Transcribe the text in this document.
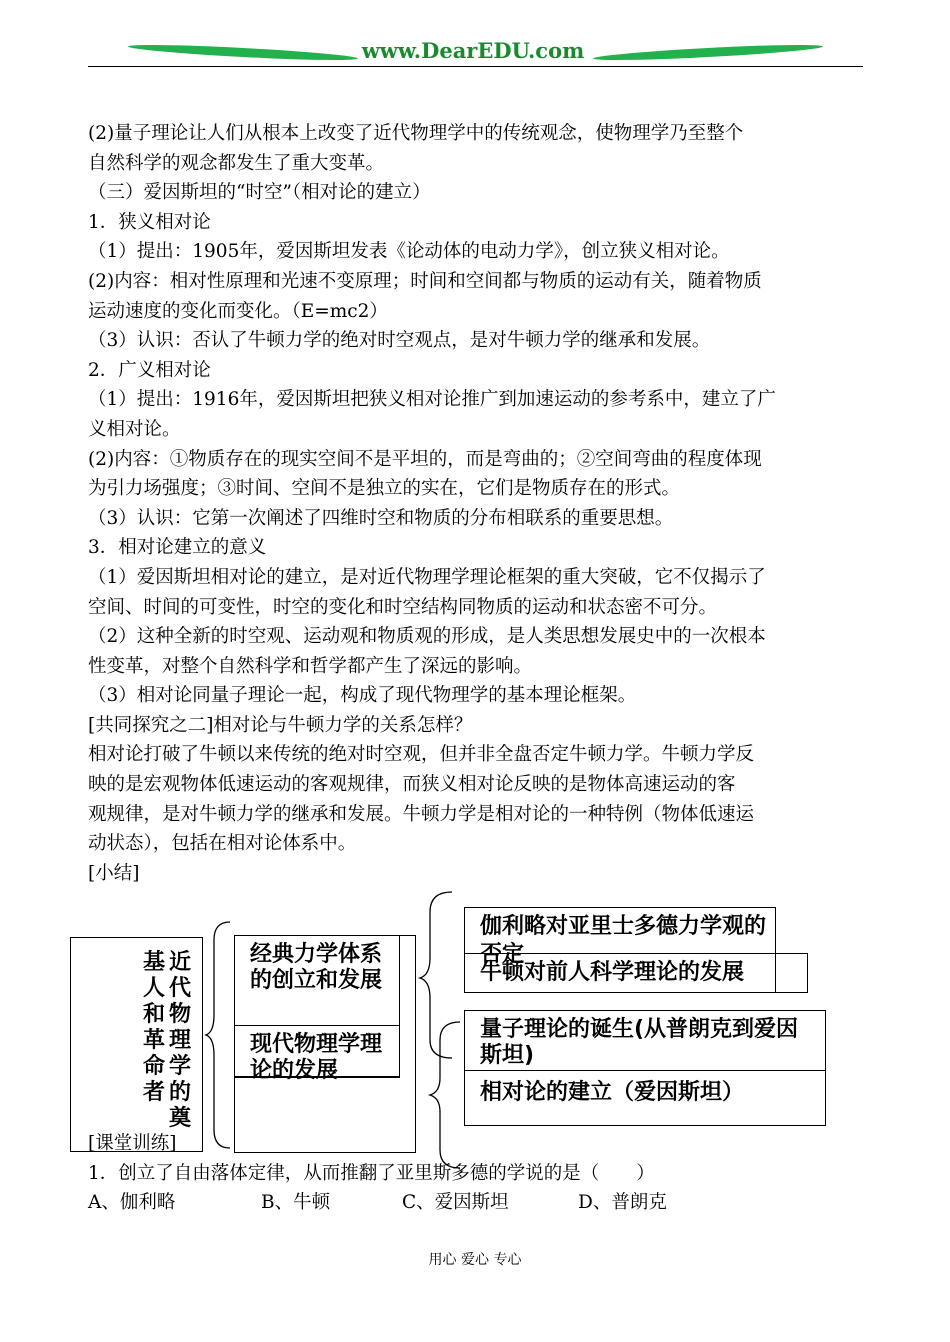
www.DearEDU.com
(2)量子理论让人们从根本上改变了近代物理学中的传统观念，使物理学乃至整个
自然科学的观念都发生了重大变革。
（三）爱因斯坦的“时空”（相对论的建立）
1．狭义相对论
（1）提出：1905年，爱因斯坦发表《论动体的电动力学》，创立狭义相对论。
(2)内容：相对性原理和光速不变原理；时间和空间都与物质的运动有关，随着物质
运动速度的变化而变化。（E=mc2）
（3）认识：否认了牛顿力学的绝对时空观点，是对牛顿力学的继承和发展。
2．广义相对论
（1）提出：1916年，爱因斯坦把狭义相对论推广到加速运动的参考系中，建立了广
义相对论。
(2)内容：①物质存在的现实空间不是平坦的，而是弯曲的；②空间弯曲的程度体现
为引力场强度；③时间、空间不是独立的实在，它们是物质存在的形式。
（3）认识：它第一次阐述了四维时空和物质的分布相联系的重要思想。
3．相对论建立的意义
（1）爱因斯坦相对论的建立，是对近代物理学理论框架的重大突破，它不仅揭示了
空间、时间的可变性，时空的变化和时空结构同物质的运动和状态密不可分。
（2）这种全新的时空观、运动观和物质观的形成，是人类思想发展史中的一次根本
性变革，对整个自然科学和哲学都产生了深远的影响。
（3）相对论同量子理论一起，构成了现代物理学的基本理论框架。
[共同探究之二]相对论与牛顿力学的关系怎样？
相对论打破了牛顿以来传统的绝对时空观，但并非全盘否定牛顿力学。牛顿力学反
映的是宏观物体低速运动的客观规律，而狭义相对论反映的是物体高速运动的客
观规律，是对牛顿力学的继承和发展。牛顿力学是相对论的一种特例（物体低速运
动状态），包括在相对论体系中。
[小结]
基人和革命者
近代物理学的奠
经典力学体系的创立和发展
现代物理学理论的发展
伽利略对亚里士多德力学观的否定
牛顿对前人科学理论的发展
量子理论的诞生(从普朗克到爱因斯坦)
相对论的建立（爱因斯坦）
[课堂训练]
1．创立了自由落体定律，从而推翻了亚里斯多德的学说的是（　　）
A、伽利略	B、牛顿	C、爱因斯坦	D、普朗克
用心 爱心 专心
